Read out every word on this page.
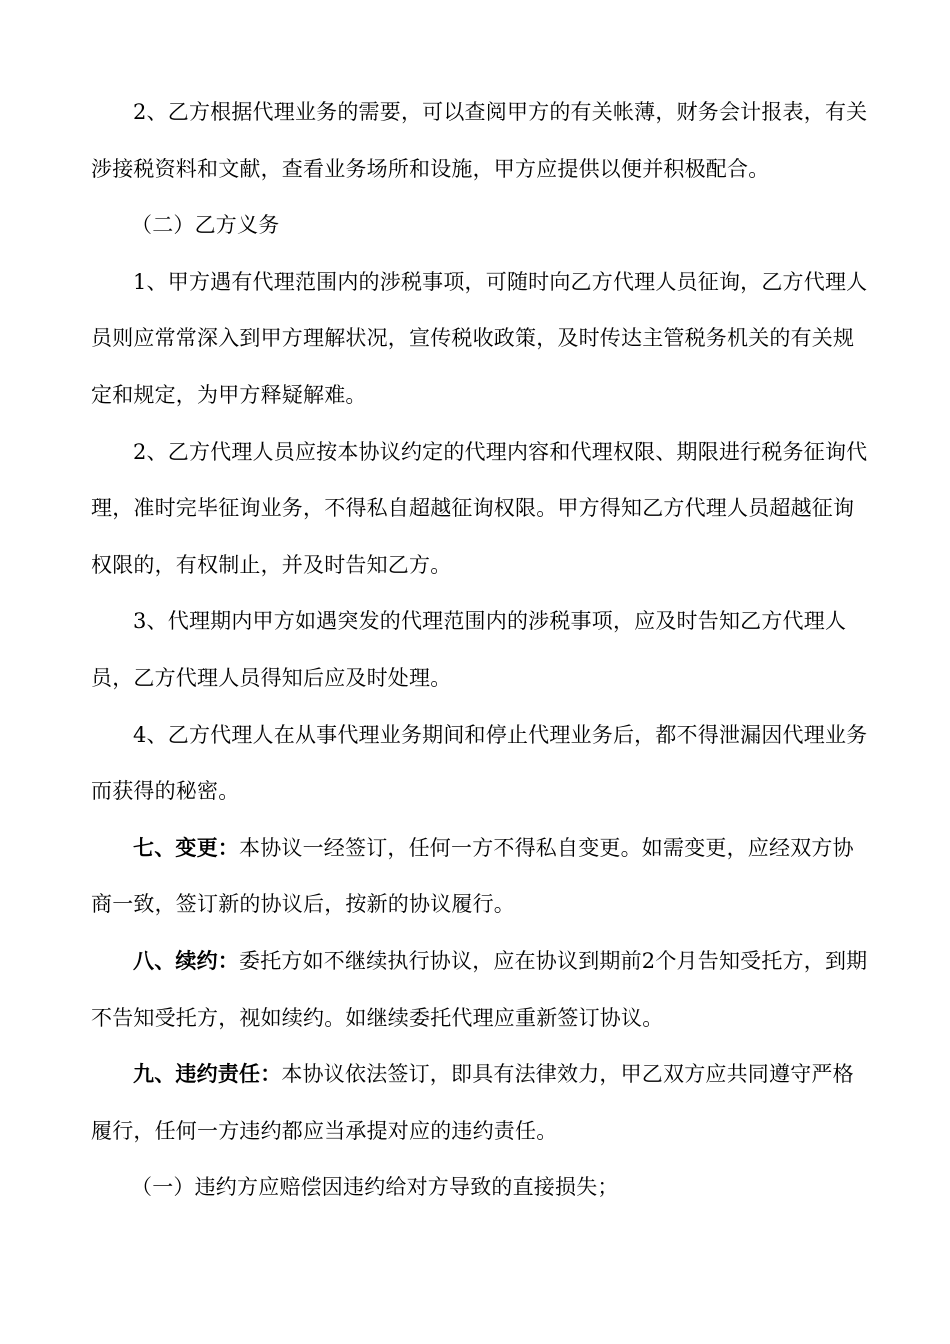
2、乙方根据代理业务的需要，可以查阅甲方的有关帐薄，财务会计报表，有关涉接税资料和文献，查看业务场所和设施，甲方应提供以便并积极配合。

（二）乙方义务

1、甲方遇有代理范围内的涉税事项，可随时向乙方代理人员征询，乙方代理人员则应常常深入到甲方理解状况，宣传税收政策，及时传达主管税务机关的有关规定和规定，为甲方释疑解难。

2、乙方代理人员应按本协议约定的代理内容和代理权限、期限进行税务征询代理，准时完毕征询业务，不得私自超越征询权限。甲方得知乙方代理人员超越征询权限的，有权制止，并及时告知乙方。

3、代理期内甲方如遇突发的代理范围内的涉税事项，应及时告知乙方代理人员，乙方代理人员得知后应及时处理。

4、乙方代理人在从事代理业务期间和停止代理业务后，都不得泄漏因代理业务而获得的秘密。

七、变更：本协议一经签订，任何一方不得私自变更。如需变更，应经双方协商一致，签订新的协议后，按新的协议履行。

八、续约：委托方如不继续执行协议，应在协议到期前2个月告知受托方，到期不告知受托方，视如续约。如继续委托代理应重新签订协议。

九、违约责任：本协议依法签订，即具有法律效力，甲乙双方应共同遵守严格履行，任何一方违约都应当承提对应的违约责任。

（一）违约方应赔偿因违约给对方导致的直接损失；
